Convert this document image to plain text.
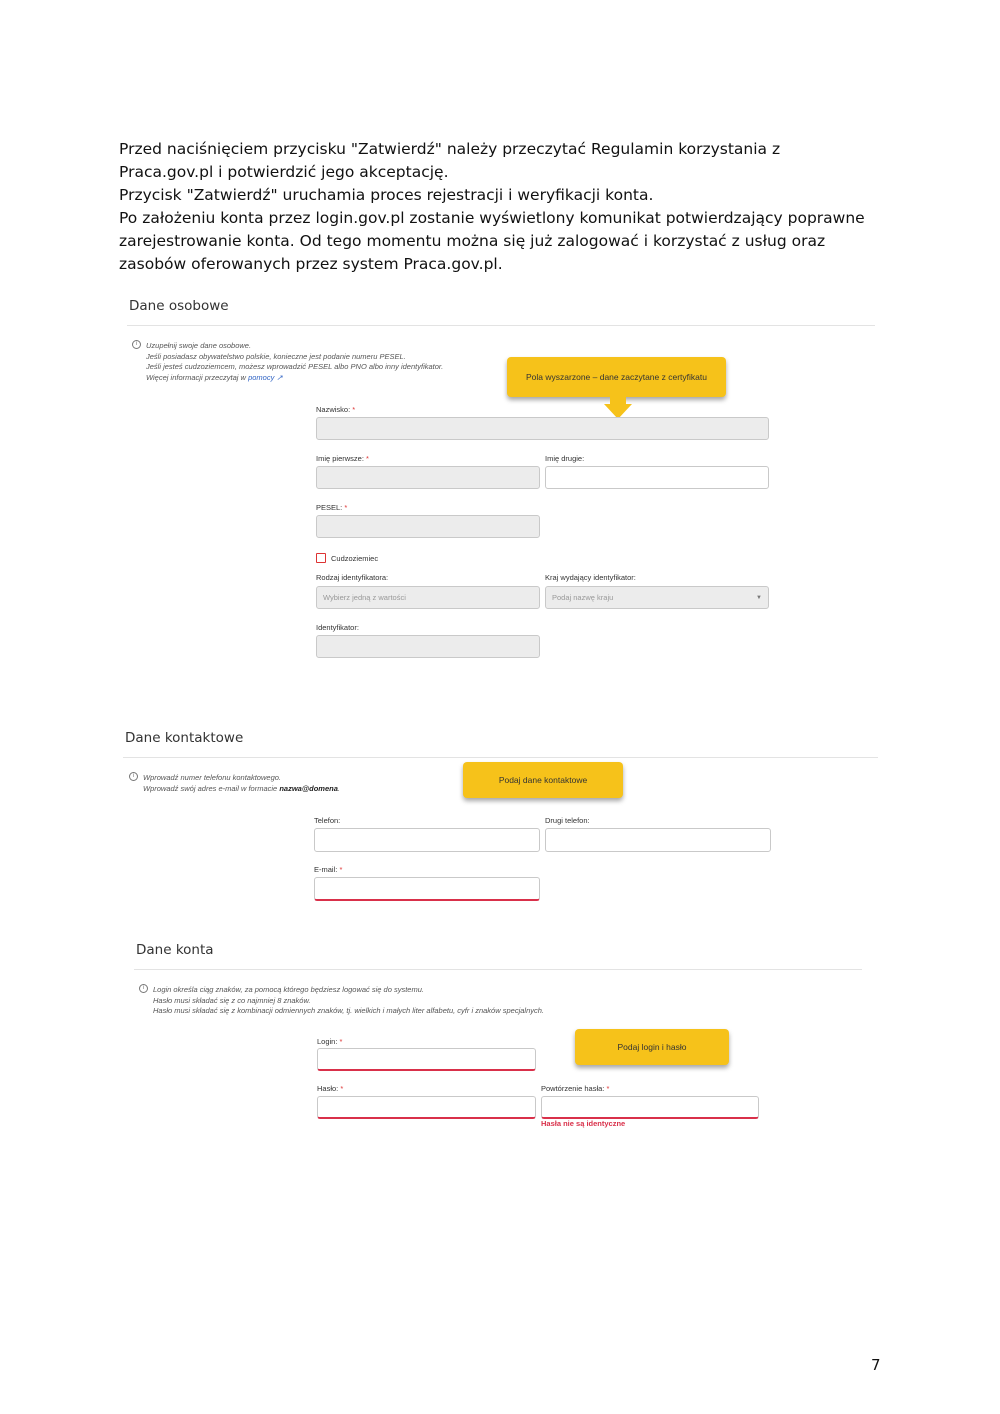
Przed naciśnięciem przycisku "Zatwierdź" należy przeczytać Regulamin korzystania z Praca.gov.pl i potwierdzić jego akceptację.

Przycisk "Zatwierdź" uruchamia proces rejestracji i weryfikacji konta.

Po założeniu konta przez login.gov.pl zostanie wyświetlony komunikat potwierdzający poprawne zarejestrowanie konta. Od tego momentu można się już zalogować i korzystać z usług oraz zasobów oferowanych przez system Praca.gov.pl.

Dane osobowe
i	Uzupełnij swoje dane osobowe.
Jeśli posiadasz obywatelstwo polskie, konieczne jest podanie numeru PESEL.
Jeśli jesteś cudzoziemcem, możesz wprowadzić PESEL albo PNO albo inny identyfikator.
Więcej informacji przeczytaj w pomocy ↗	Pola wyszarzone – dane zaczytane z certyfikatu
Nazwisko: *
Imię pierwsze: *	Imię drugie:
PESEL: *
Cudzoziemiec
Rodzaj identyfikatora:
Wybierz jedną z wartości
Kraj wydający identyfikator:
Podaj nazwę kraju	▼
Identyfikator:
Dane kontaktowe
i	Wprowadź numer telefonu kontaktowego.
Wprowadź swój adres e-mail w formacie nazwa@domena.
Podaj dane kontaktowe
Telefon:	Drugi telefon:
E-mail: *
Dane konta
i	Login określa ciąg znaków, za pomocą którego będziesz logować się do systemu.
Hasło musi składać się z co najmniej 8 znaków.
Hasło musi składać się z kombinacji odmiennych znaków, tj. wielkich i małych liter alfabetu, cyfr i znaków specjalnych.
Login: *
Podaj login i hasło
Hasło: *	Powtórzenie hasła: *
Hasła nie są identyczne
7
